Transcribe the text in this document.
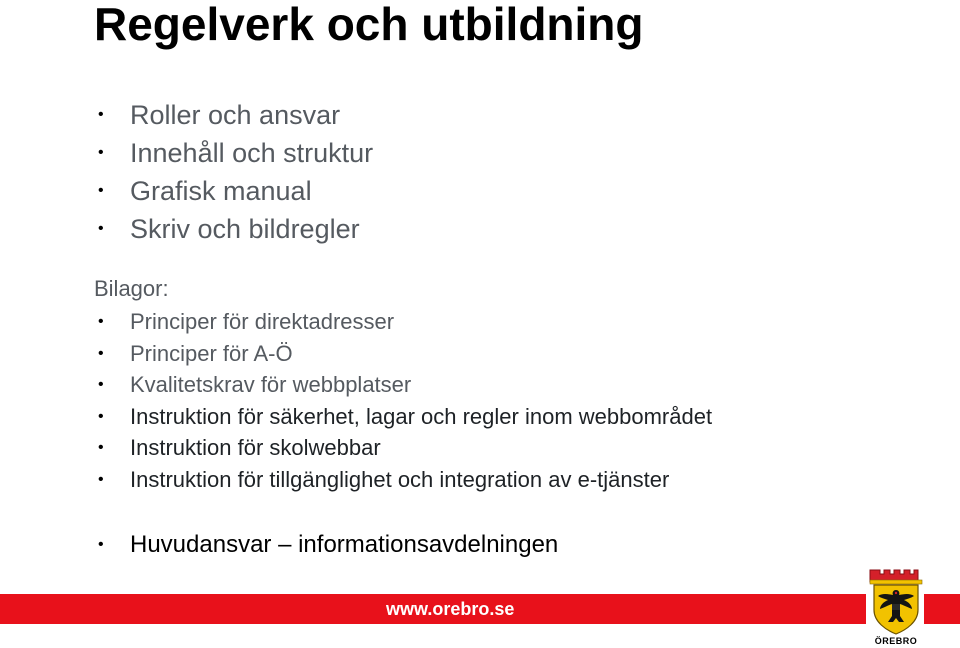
Regelverk och utbildning
• Roller och ansvar
• Innehåll och struktur
• Grafisk manual
• Skriv och bildregler

Bilagor:

• Principer för direktadresser
• Principer för A-Ö
• Kvalitetskrav för webbplatser
• Instruktion för säkerhet, lagar och regler inom webbområdet
• Instruktion för skolwebbar
• Instruktion för tillgänglighet och integration av e-tjänster
• Huvudansvar – informationsavdelningen
www.orebro.se
ÖREBRO
